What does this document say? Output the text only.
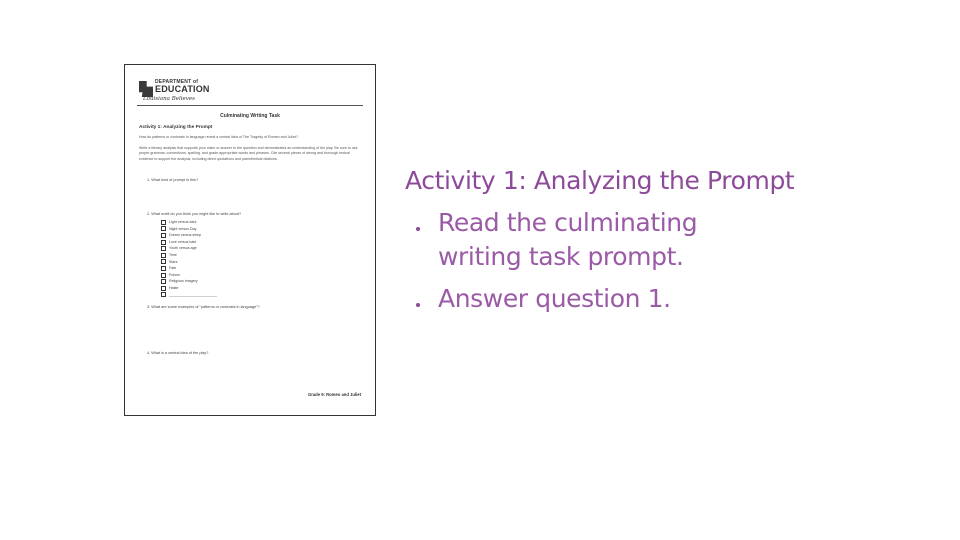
DEPARTMENT of
EDUCATION
Louisiana Believes
Culminating Writing Task
Activity 1: Analyzing the Prompt
How do patterns or contrasts in language reveal a central idea of The Tragedy of Romeo and Juliet?
Write a literary analysis that supports your claim or answer to the question and demonstrates an understanding of the play. Be sure to use proper grammar, conventions, spelling, and grade-appropriate words and phrases. Cite several pieces of strong and thorough textual evidence to support the analysis, including direct quotations and parenthetical citations.
1. What kind of prompt is this?
2. What motif do you think you might like to write about?
Light versus dark
Night versus Day
Dream versus sleep
Love versus hate
Youth versus age
Time
Stars
Fate
Poison
Religious imagery
Haste
________________________
3. What are some examples of "patterns or contrasts in language"?
4. What is a central idea of the play?
Grade 9: Romeo and Juliet
Activity 1: Analyzing the Prompt
Read the culminating writing task prompt.
Answer question 1.
